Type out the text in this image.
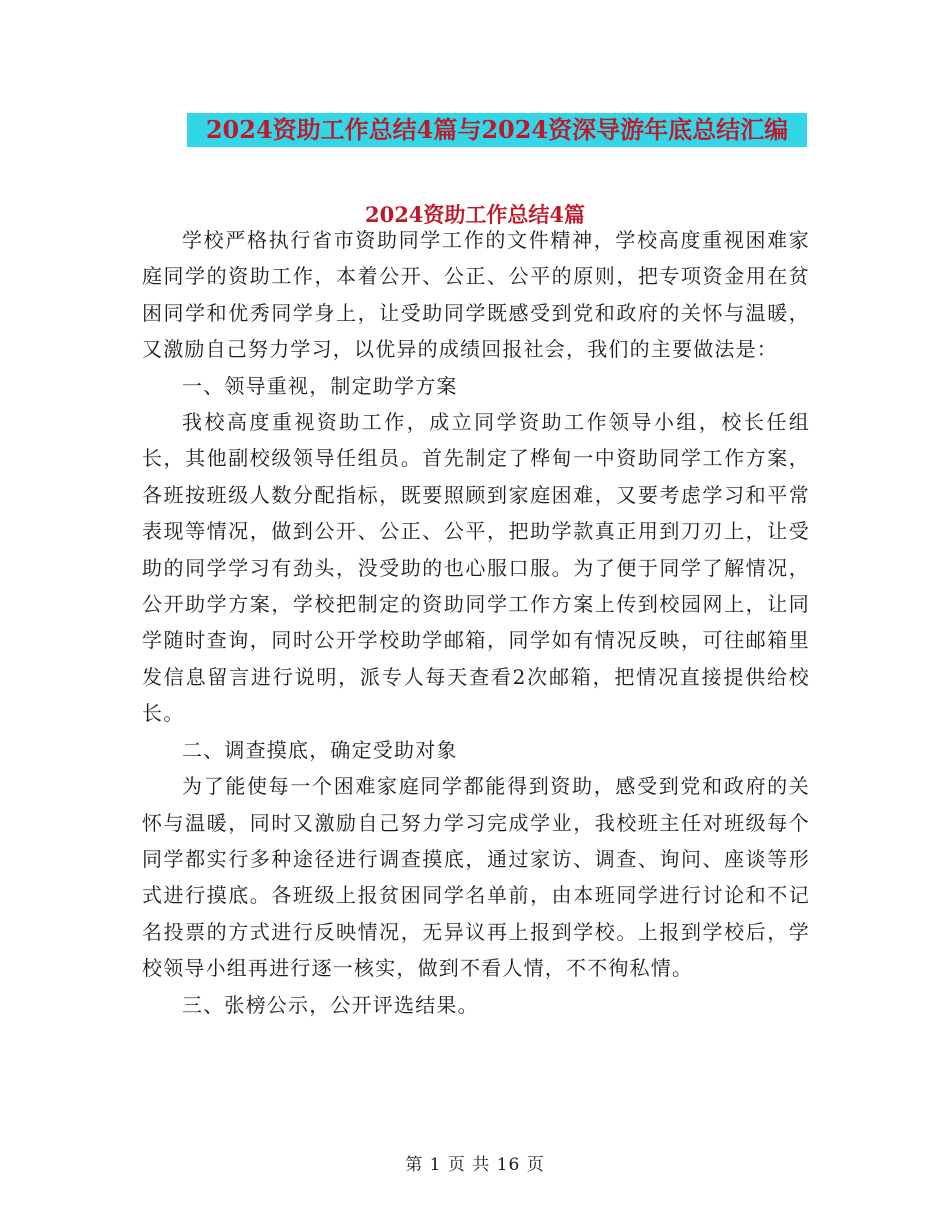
2024资助工作总结4篇与2024资深导游年底总结汇编
2024资助工作总结4篇

学校严格执行省市资助同学工作的文件精神，学校高度重视困难家庭同学的资助工作，本着公开、公正、公平的原则，把专项资金用在贫困同学和优秀同学身上，让受助同学既感受到党和政府的关怀与温暖，又激励自己努力学习，以优异的成绩回报社会，我们的主要做法是：

一、领导重视，制定助学方案

我校高度重视资助工作，成立同学资助工作领导小组，校长任组长，其他副校级领导任组员。首先制定了桦甸一中资助同学工作方案，各班按班级人数分配指标，既要照顾到家庭困难，又要考虑学习和平常表现等情况，做到公开、公正、公平，把助学款真正用到刀刃上，让受助的同学学习有劲头，没受助的也心服口服。为了便于同学了解情况，公开助学方案，学校把制定的资助同学工作方案上传到校园网上，让同学随时查询，同时公开学校助学邮箱，同学如有情况反映，可往邮箱里发信息留言进行说明，派专人每天查看2次邮箱，把情况直接提供给校长。

二、调查摸底，确定受助对象

为了能使每一个困难家庭同学都能得到资助，感受到党和政府的关怀与温暖，同时又激励自己努力学习完成学业，我校班主任对班级每个同学都实行多种途径进行调查摸底，通过家访、调查、询问、座谈等形式进行摸底。各班级上报贫困同学名单前，由本班同学进行讨论和不记名投票的方式进行反映情况，无异议再上报到学校。上报到学校后，学校领导小组再进行逐一核实，做到不看人情，不不徇私情。

三、张榜公示，公开评选结果。

第 1 页 共 16 页
